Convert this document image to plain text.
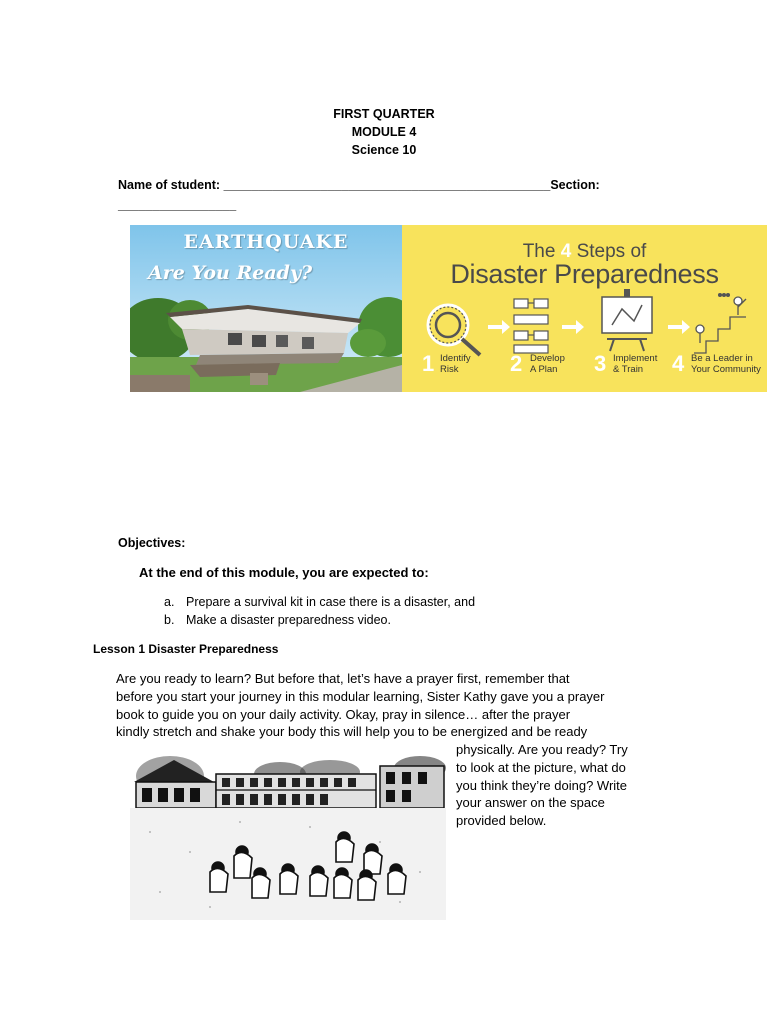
FIRST QUARTER
MODULE 4
Science 10
Name of student: _______________________________________________Section:
_________________
EARTHQUAKE
Are You Ready?
The 4 Steps of
Disaster Preparedness
1 Identify
Risk	2 Develop
A Plan	3 Implement
& Train	4 Be a Leader in
Your Community
Objectives:
At the end of this module, you are expected to:
a. Prepare a survival kit in case there is a disaster, and
b. Make a disaster preparedness video.
Lesson 1 Disaster Preparedness
Are you ready to learn? But before that, let’s have a prayer first, remember that
before you start your journey in this modular learning, Sister Kathy gave you a prayer
book to guide you on your daily activity. Okay, pray in silence… after the prayer
kindly stretch and shake your body this will help you to be energized and be ready
physically. Are you ready? Try
to look at the picture, what do
you think they’re doing? Write
your answer on the space
provided below.
